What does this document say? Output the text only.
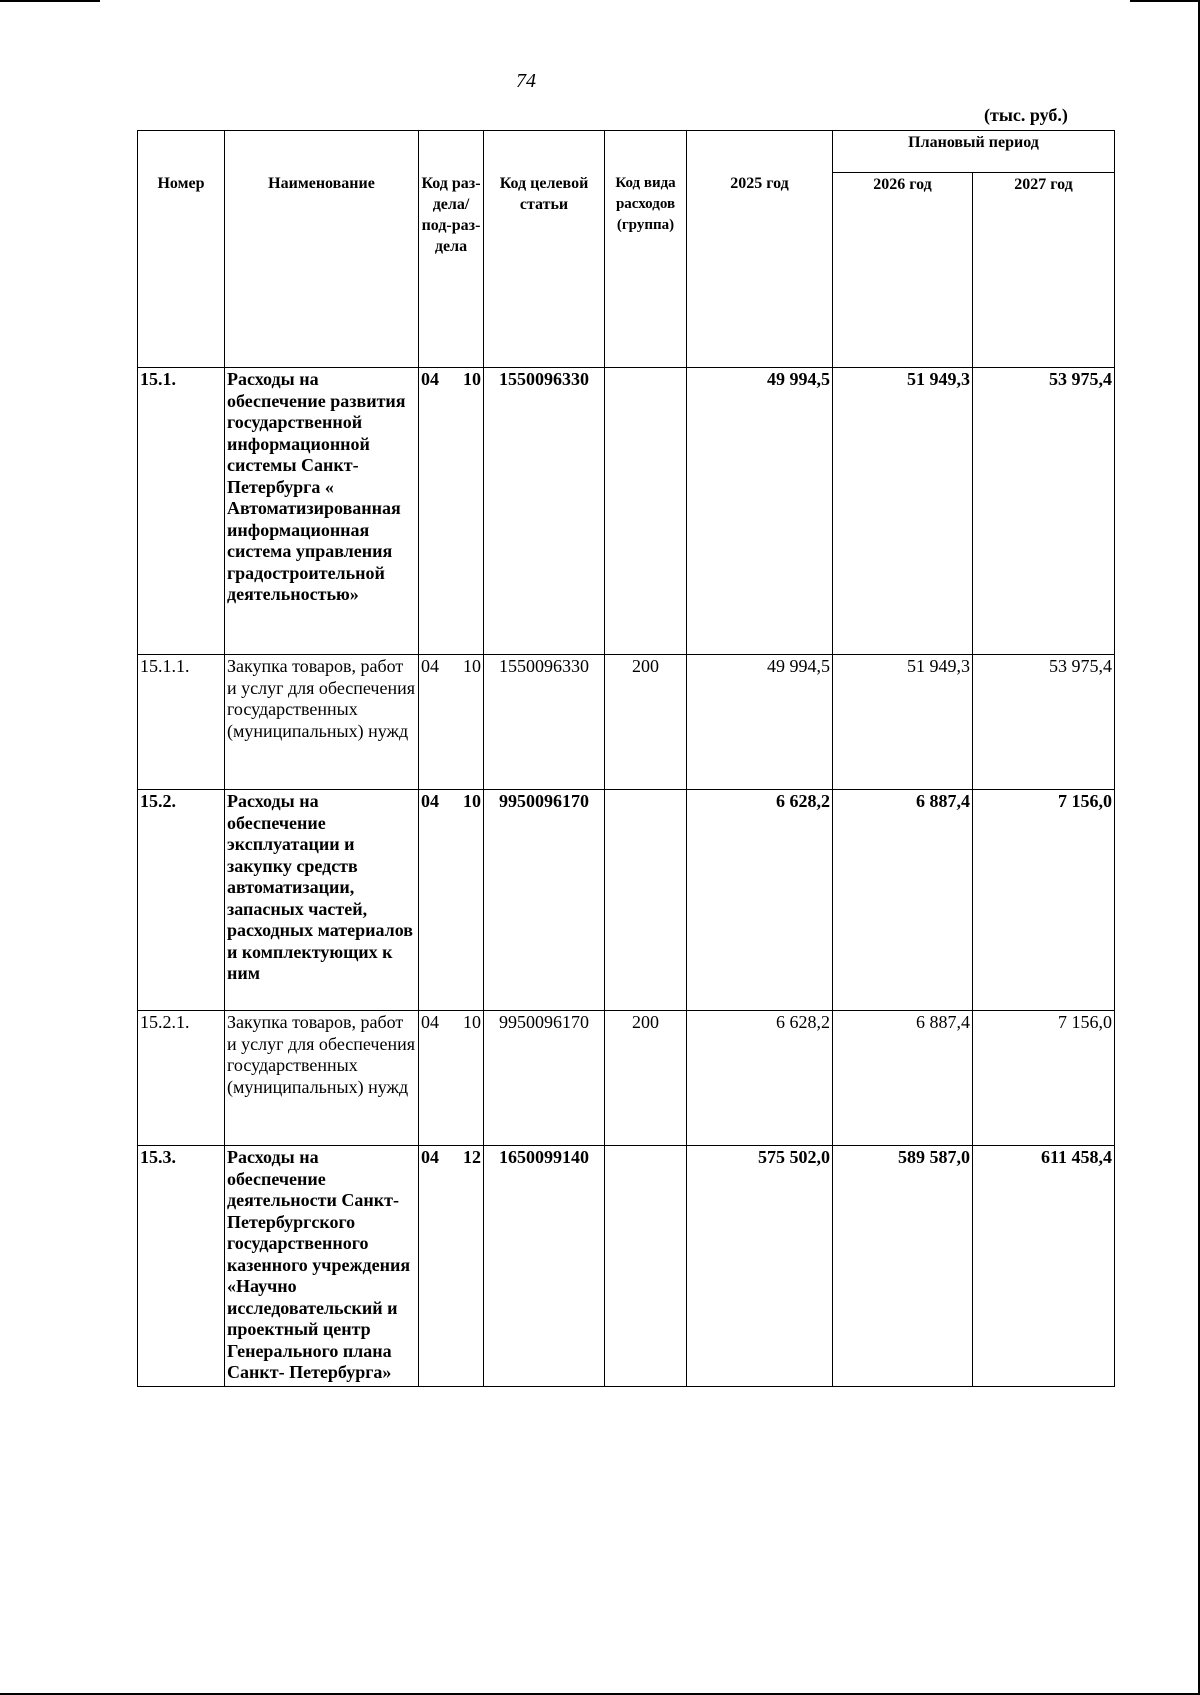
74
(тыс. руб.)
Номер	Наименование	Код раз-дела/ под-раз-дела	Код целевой статьи	Код вида расходов (группа)	2025 год	Плановый период	
						2026 год	2027 год
15.1.	Расходы на обеспечение развития государственной информационной системы Санкт-Петербурга « Автоматизированная информационная система управления градостроительной деятельностью»	04 10	1550096330		49 994,5	51 949,3	53 975,4
15.1.1.	Закупка товаров, работ и услуг для обеспечения государственных (муниципальных) нужд	04 10	1550096330	200	49 994,5	51 949,3	53 975,4
15.2.	Расходы на обеспечение эксплуатации и закупку средств автоматизации, запасных частей, расходных материалов и комплектующих к ним	04 10	9950096170		6 628,2	6 887,4	7 156,0
15.2.1.	Закупка товаров, работ и услуг для обеспечения государственных (муниципальных) нужд	04 10	9950096170	200	6 628,2	6 887,4	7 156,0
15.3.	Расходы на обеспечение деятельности Санкт-Петербургского государственного казенного учреждения «Научно исследовательский и проектный центр Генерального плана Санкт- Петербурга»	04 12	1650099140		575 502,0	589 587,0	611 458,4
